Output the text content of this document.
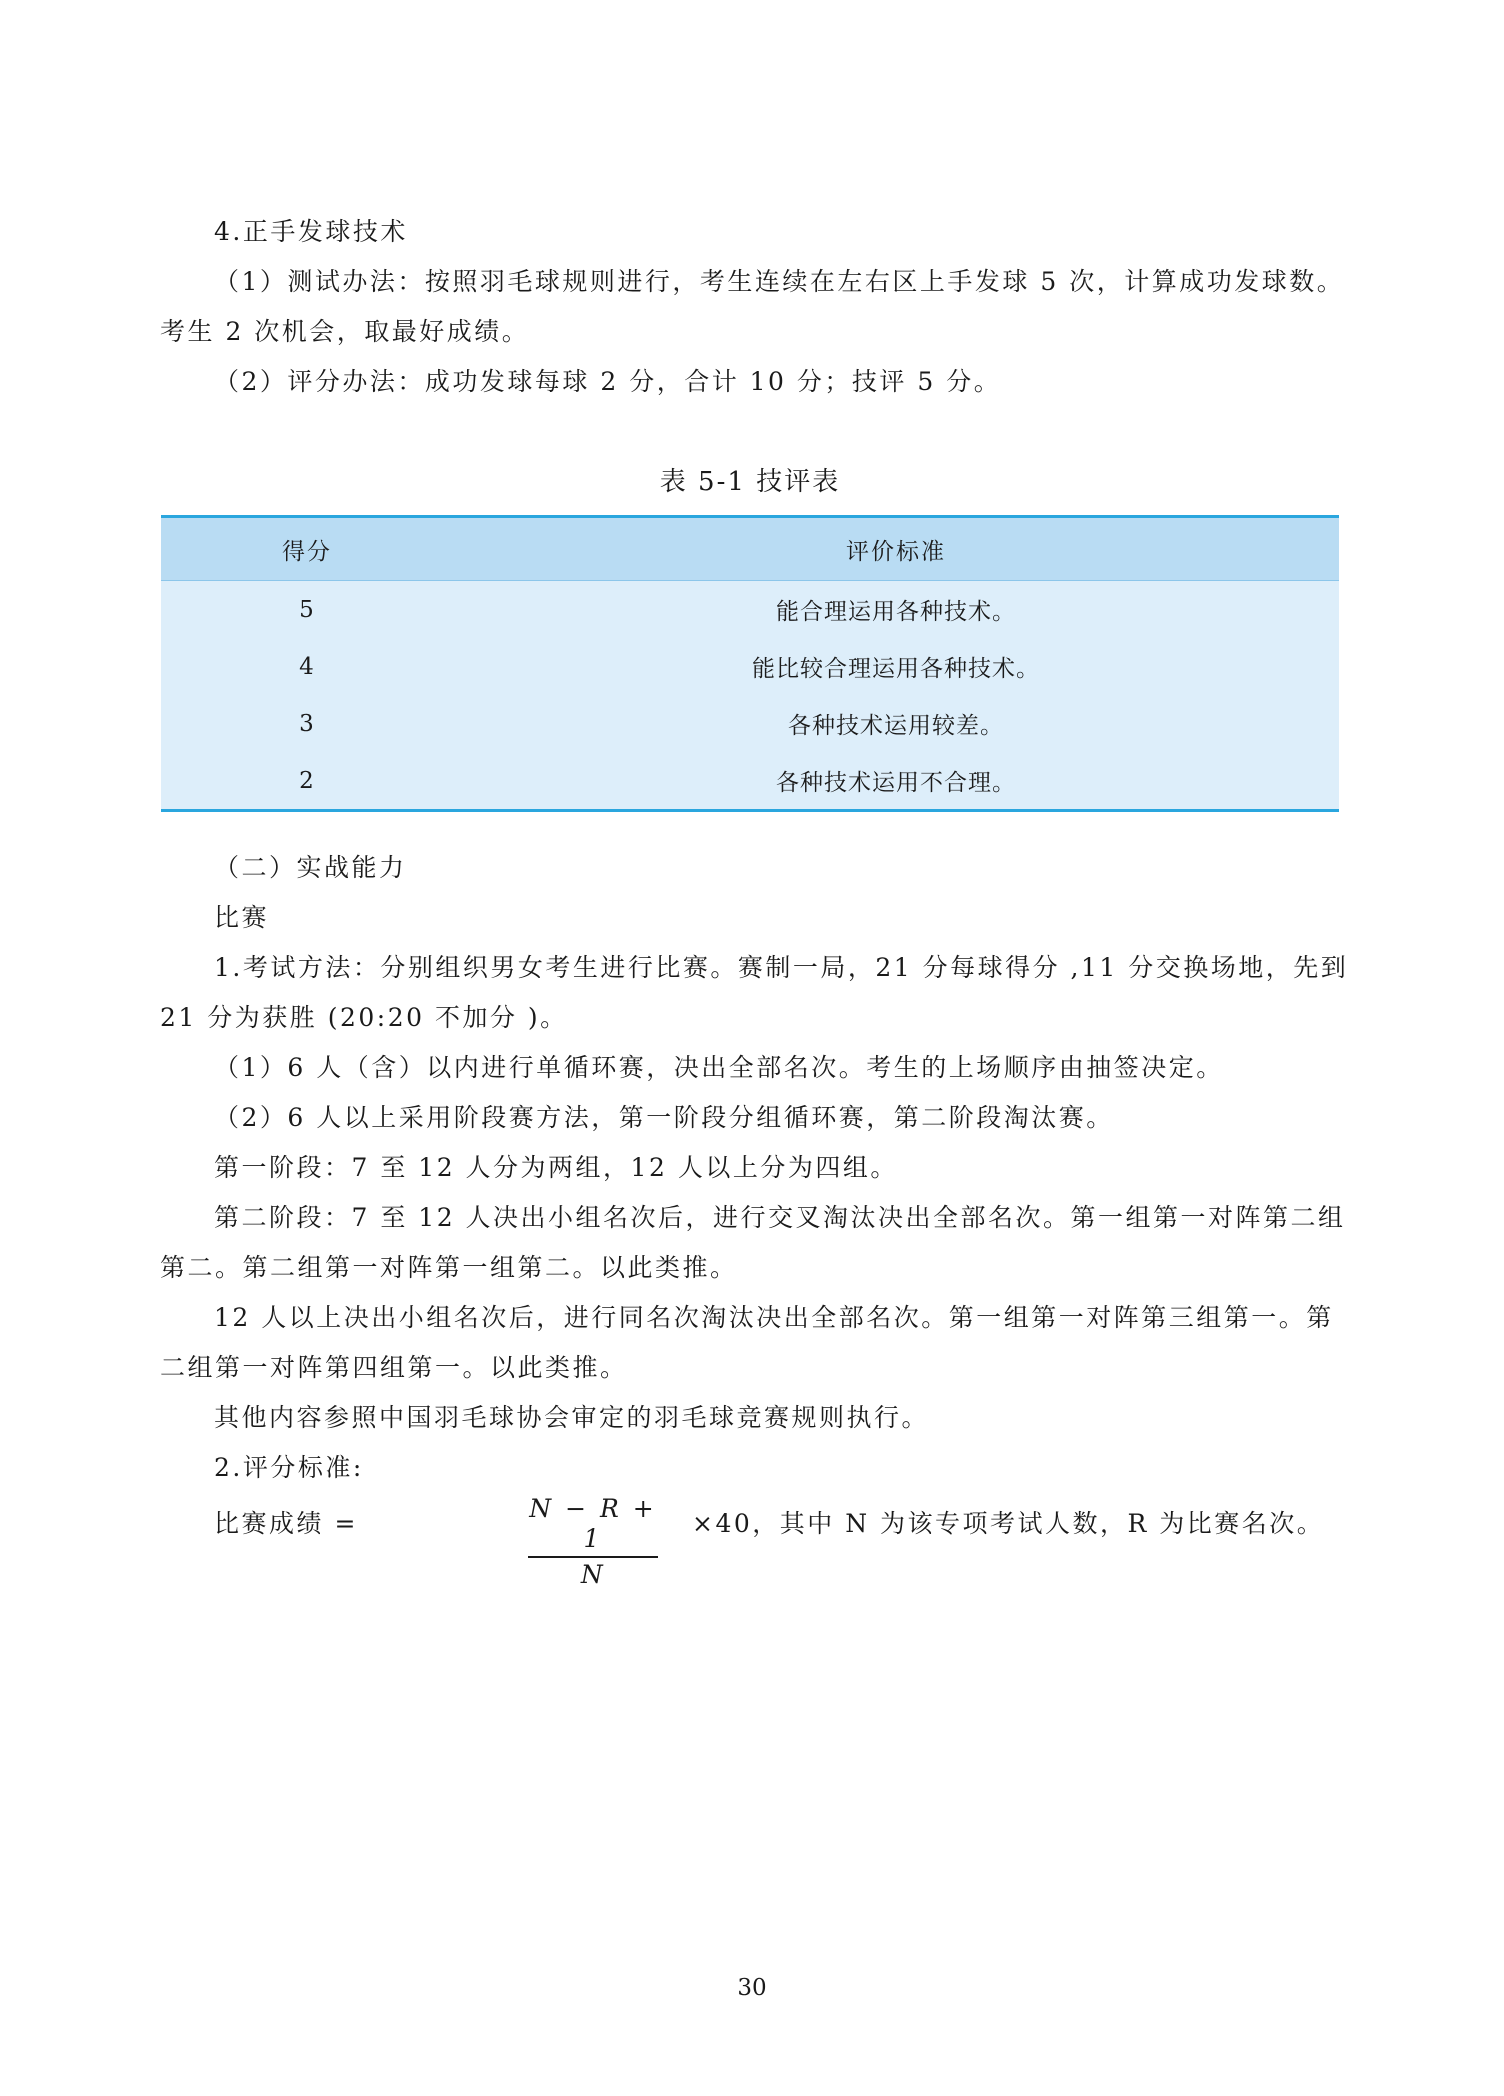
4.正手发球技术
（1）测试办法：按照羽毛球规则进行，考生连续在左右区上手发球 5 次，计算成功发球数。
考生 2 次机会，取最好成绩。
（2）评分办法：成功发球每球 2 分，合计 10 分；技评 5 分。
表 5-1 技评表
得分	评价标准
5	能合理运用各种技术。
4	能比较合理运用各种技术。
3	各种技术运用较差。
2	各种技术运用不合理。
（二）实战能力
比赛
1.考试方法：分别组织男女考生进行比赛。赛制一局，21 分每球得分 ,11 分交换场地，先到
21 分为获胜 (20:20 不加分 )。
（1）6 人（含）以内进行单循环赛，决出全部名次。考生的上场顺序由抽签决定。
（2）6 人以上采用阶段赛方法，第一阶段分组循环赛，第二阶段淘汰赛。
第一阶段：7 至 12 人分为两组，12 人以上分为四组。
第二阶段：7 至 12 人决出小组名次后，进行交叉淘汰决出全部名次。第一组第一对阵第二组
第二。第二组第一对阵第一组第二。以此类推。
12 人以上决出小组名次后，进行同名次淘汰决出全部名次。第一组第一对阵第三组第一。第
二组第一对阵第四组第一。以此类推。
其他内容参照中国羽毛球协会审定的羽毛球竞赛规则执行。
2.评分标准:
比赛成绩 =
N − R + 1
N
×40，其中 N 为该专项考试人数，R 为比赛名次。
30
